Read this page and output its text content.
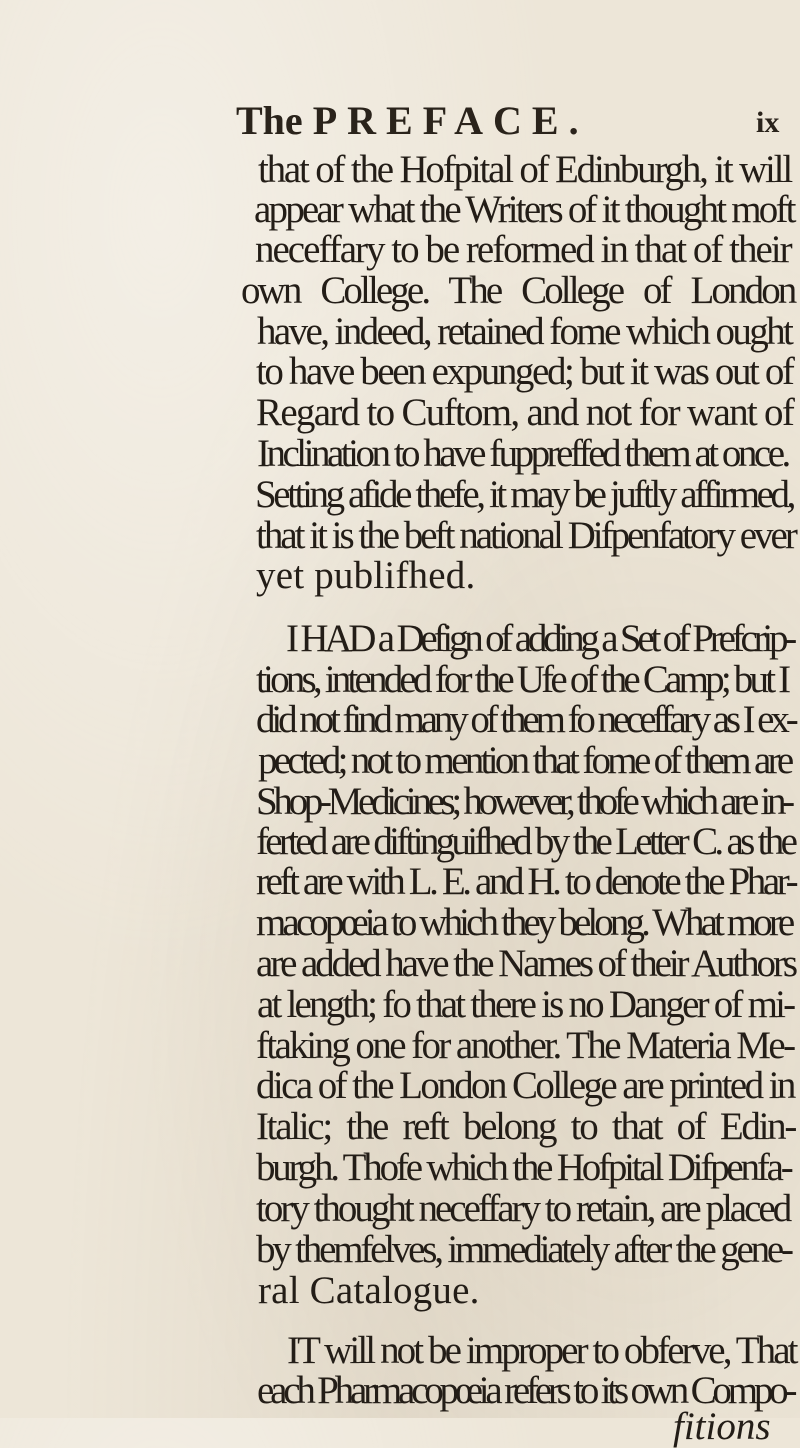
The PREFACE.	ix
that of the Hofpital of Edinburgh, it will
appear what the Writers of it thought moft
neceffary to be reformed in that of their
own College. The College of London
have, indeed, retained fome which ought
to have been expunged; but it was out of
Regard to Cuftom, and not for want of
Inclination to have fuppreffed them at once.
Setting afide thefe, it may be juftly affirmed,
that it is the beft national Difpenfatory ever
yet publifhed.
I HAD a Defign of adding a Set of Prefcrip-
tions, intended for the Ufe of the Camp; but I
did not find many of them fo neceffary as I ex-
pected; not to mention that fome of them are
Shop-Medicines; however, thofe which are in-
ferted are diftinguifhed by the Letter C. as the
reft are with L. E. and H. to denote the Phar-
macopœia to which they belong. What more
are added have the Names of their Authors
at length; fo that there is no Danger of mi-
ftaking one for another. The Materia Me-
dica of the London College are printed in
Italic; the reft belong to that of Edin-
burgh. Thofe which the Hofpital Difpenfa-
tory thought neceffary to retain, are placed
by themfelves, immediately after the gene-
ral Catalogue.
IT will not be improper to obferve, That
each Pharmacopœia refers to its own Compo-
fitions
